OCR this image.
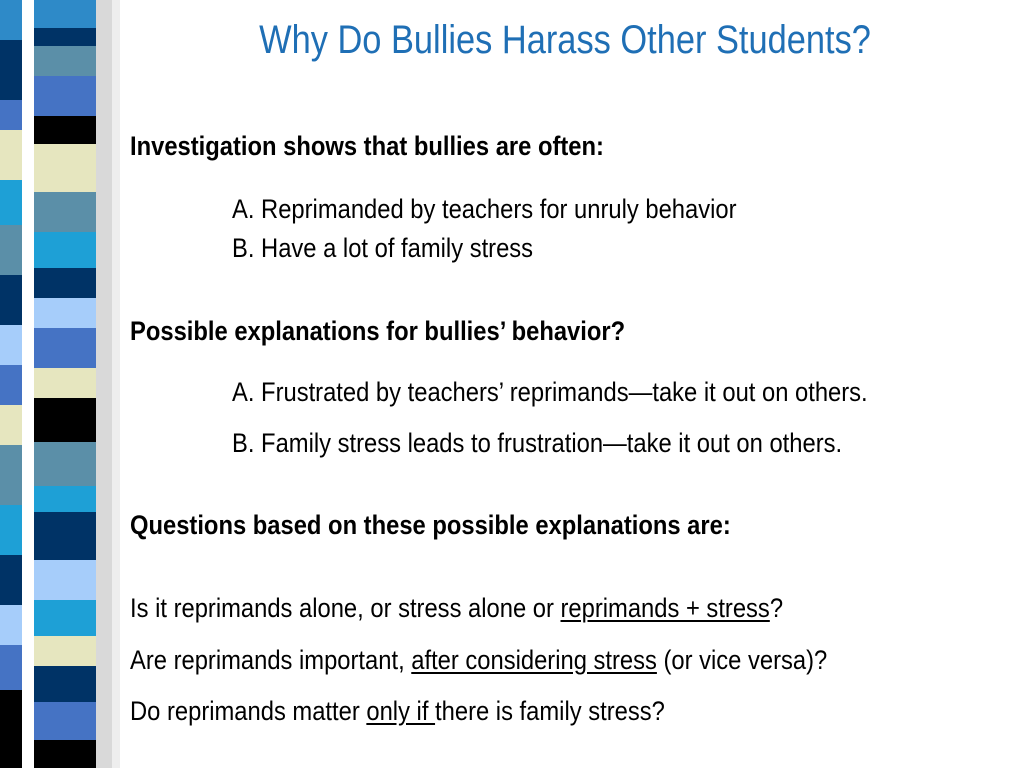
Why Do Bullies Harass Other Students?
Investigation shows that bullies are often:
A. Reprimanded by teachers for unruly behavior
B. Have a lot of family stress
Possible explanations for bullies’ behavior?
A. Frustrated by teachers’ reprimands—take it out on others.
B. Family stress leads to frustration—take it out on others.
Questions based on these possible explanations are:
Is it reprimands alone, or stress alone or reprimands + stress?
Are reprimands important, after considering stress (or vice versa)?
Do reprimands matter only if there is family stress?
